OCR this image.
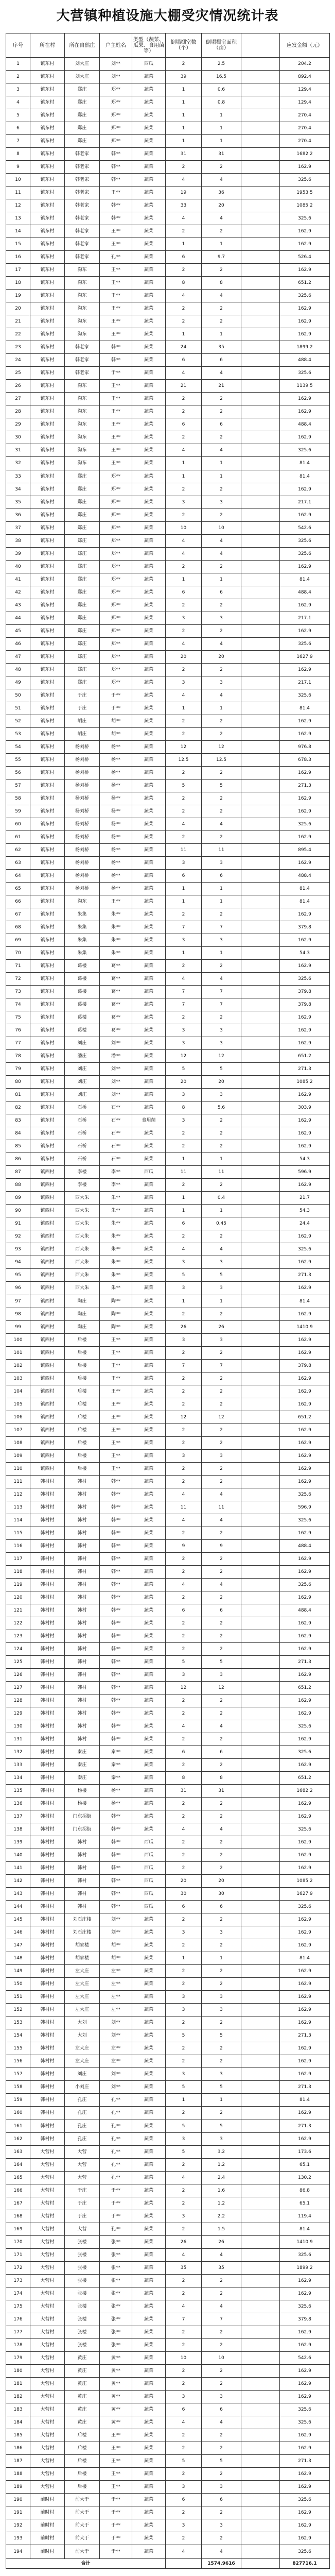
大营镇种植设施大棚受灾情况统计表
序号	所在村	所在自然庄	户主姓名	类型（蔬菜、瓜果、食用菌等）	倒塌棚室数（个）	倒塌棚室面积（亩）		应发金额（元）
1	镇东村	刘大庄	刘**	西瓜	2	2.5		204.2
2	镇东村	刘大庄	刘**	蔬菜	39	16.5		892.4
3	镇东村	郑庄	郑**	蔬菜	1	0.6		129.4
4	镇东村	郑庄	郑**	蔬菜	1	0.8		129.4
5	镇东村	郑庄	郑**	蔬菜	1	1		270.4
6	镇东村	郑庄	郑**	蔬菜	1	1		270.4
7	镇东村	郑庄	郑**	蔬菜	1	1		270.4
8	镇东村	韩老家	韩**	蔬菜	31	31		1682.2
9	镇东村	韩老家	韩**	蔬菜	2	2		162.9
10	镇东村	韩老家	韩**	蔬菜	4	4		325.6
11	镇东村	韩老家	王**	蔬菜	19	36		1953.5
12	镇东村	韩老家	韩**	蔬菜	33	20		1085.2
13	镇东村	韩老家	韩**	蔬菜	4	4		325.6
14	镇东村	韩老家	王**	蔬菜	2	2		162.9
15	镇东村	韩老家	王**	蔬菜	1	1		162.9
16	镇东村	韩老家	孔**	蔬菜	6	9.7		526.4
17	镇东村	沟东	王**	蔬菜	2	2		162.9
18	镇东村	沟东	王**	蔬菜	8	8		651.2
19	镇东村	沟东	王**	蔬菜	4	4		325.6
20	镇东村	沟东	王**	蔬菜	2	2		162.9
21	镇东村	沟东	王**	蔬菜	2	2		162.9
22	镇东村	沟东	王**	蔬菜	1	1		162.9
23	镇东村	韩老家	韩**	蔬菜	24	35		1899.2
24	镇东村	韩老家	韩**	蔬菜	6	6		488.4
25	镇东村	韩老家	于**	蔬菜	4	4		325.6
26	镇东村	沟东	王**	蔬菜	21	21		1139.5
27	镇东村	沟东	王**	蔬菜	2	2		162.9
28	镇东村	沟东	王**	蔬菜	2	2		162.9
29	镇东村	沟东	王**	蔬菜	6	6		488.4
30	镇东村	沟东	王**	蔬菜	2	2		162.9
31	镇东村	沟东	王**	蔬菜	4	4		325.6
32	镇东村	沟东	王**	蔬菜	1	1		81.4
33	镇东村	郑庄	郑**	蔬菜	1	1		81.4
34	镇东村	郑庄	郑**	蔬菜	2	2		162.9
35	镇东村	郑庄	郑**	蔬菜	3	3		217.1
36	镇东村	郑庄	郑**	蔬菜	2	2		162.9
37	镇东村	郑庄	郑**	蔬菜	10	10		542.6
38	镇东村	郑庄	郑**	蔬菜	4	4		325.6
39	镇东村	郑庄	郑**	蔬菜	4	4		325.6
40	镇东村	郑庄	郑**	蔬菜	2	2		162.9
41	镇东村	郑庄	郑**	蔬菜	1	1		81.4
42	镇东村	郑庄	郑**	蔬菜	6	6		488.4
43	镇东村	郑庄	郑**	蔬菜	2	2		162.9
44	镇东村	郑庄	郑**	蔬菜	3	3		217.1
45	镇东村	郑庄	郑**	蔬菜	2	2		162.9
46	镇东村	郑庄	郑**	蔬菜	4	4		325.6
47	镇东村	郑庄	郑**	蔬菜	20	20		1627.9
48	镇东村	郑庄	郑**	蔬菜	2	2		162.9
49	镇东村	郑庄	郑**	蔬菜	3	3		217.1
50	镇东村	于庄	于**	蔬菜	4	4		325.6
51	镇东村	于庄	于**	蔬菜	1	1		81.4
52	镇东村	胡庄	胡**	蔬菜	2	2		162.9
53	镇东村	胡庄	胡**	蔬菜	2	2		162.9
54	镇东村	杨刘桥	杨**	蔬菜	12	12		976.8
55	镇东村	杨刘桥	杨**	蔬菜	12.5	12.5		678.3
56	镇东村	杨刘桥	杨**	蔬菜	2	2		162.9
57	镇东村	杨刘桥	杨**	蔬菜	5	5		271.3
58	镇东村	杨刘桥	杨**	蔬菜	2	2		162.9
59	镇东村	杨刘桥	杨**	蔬菜	2	2		162.9
60	镇东村	杨刘桥	杨**	蔬菜	4	4		325.6
61	镇东村	杨刘桥	杨**	蔬菜	2	2		162.9
62	镇东村	杨刘桥	杨**	蔬菜	11	11		895.4
63	镇东村	杨刘桥	杨**	蔬菜	3	3		162.9
64	镇东村	杨刘桥	杨**	蔬菜	6	6		488.4
65	镇东村	杨刘桥	杨**	蔬菜	1	1		81.4
66	镇东村	沟东	王**	蔬菜	1	1		81.4
67	镇东村	朱集	朱**	蔬菜	2	2		162.9
68	镇东村	朱集	朱**	蔬菜	7	7		379.8
69	镇东村	朱集	朱**	蔬菜	3	3		162.9
70	镇东村	朱集	朱**	蔬菜	1	1		54.3
71	镇东村	葛楼	葛**	蔬菜	2	2		162.9
72	镇东村	葛楼	葛**	蔬菜	4	4		325.6
73	镇东村	葛楼	葛**	蔬菜	7	7		379.8
74	镇东村	葛楼	葛**	蔬菜	7	7		379.8
75	镇东村	葛楼	葛**	蔬菜	2	2		162.9
76	镇东村	葛楼	葛**	蔬菜	3	3		162.9
77	镇东村	刘庄	刘**	蔬菜	3	3		162.9
78	镇东村	潘庄	潘**	蔬菜	12	12		651.2
79	镇东村	刘庄	刘**	蔬菜	5	5		271.3
80	镇东村	刘庄	刘**	蔬菜	20	20		1085.2
81	镇东村	刘庄	刘**	蔬菜	3	3		162.9
82	镇东村	石桥	石**	蔬菜	8	5.6		303.9
83	镇东村	石桥	石**	食用菌	3	2		162.9
84	镇东村	石桥	石**	蔬菜	2	2		162.9
85	镇东村	石桥	石**	蔬菜	2	2		162.9
86	镇东村	石桥	石**	蔬菜	1	1		54.3
87	镇西村	李楼	李**	西瓜	11	11		596.9
88	镇西村	李楼	李**	蔬菜	2	2		162.9
89	镇西村	西大朱	朱**	蔬菜	1	0.4		21.7
90	镇西村	西大朱	朱**	蔬菜	1	1		54.3
91	镇西村	西大朱	朱**	蔬菜	6	0.45		24.4
92	镇西村	西大朱	朱**	蔬菜	2	2		162.9
93	镇西村	西大朱	朱**	蔬菜	4	4		325.6
94	镇西村	西大朱	朱**	蔬菜	3	3		162.9
95	镇西村	西大朱	朱**	蔬菜	5	5		271.3
96	镇西村	西大朱	朱**	蔬菜	3	3		162.9
97	镇西村	陶庄	陶**	蔬菜	1	1		81.4
98	镇西村	陶庄	陶**	蔬菜	2	2		162.9
99	镇西村	陶庄	陶**	蔬菜	26	26		1410.9
100	镇西村	后楼	王**	蔬菜	3	3		162.9
101	镇西村	后楼	王**	蔬菜	2	2		162.9
102	镇西村	后楼	王**	蔬菜	7	7		379.8
103	镇西村	后楼	王**	蔬菜	2	2		162.9
104	镇西村	后楼	王**	蔬菜	2	2		162.9
105	镇西村	后楼	王**	蔬菜	2	2		162.9
106	镇西村	后楼	王**	蔬菜	12	12		651.2
107	镇西村	后楼	王**	蔬菜	2	2		162.9
108	镇西村	后楼	王**	蔬菜	2	2		162.9
109	镇西村	后楼	王**	蔬菜	3	3		162.9
110	镇西村	后楼	王**	蔬菜	2	2		162.9
111	韩村村	韩村	韩**	蔬菜	2	2		162.9
112	韩村村	韩村	韩**	蔬菜	4	4		325.6
113	韩村村	韩村	韩**	蔬菜	11	11		596.9
114	韩村村	韩村	韩**	蔬菜	4	4		325.6
115	韩村村	韩村	韩**	蔬菜	2	2		162.9
116	韩村村	韩村	韩**	蔬菜	9	9		488.4
117	韩村村	韩村	韩**	蔬菜	2	2		162.9
118	韩村村	韩村	韩**	蔬菜	2	2		162.9
119	韩村村	韩村	韩**	蔬菜	4	4		325.6
120	韩村村	韩村	韩**	蔬菜	2	2		162.9
121	韩村村	韩村	韩**	蔬菜	6	6		488.4
122	韩村村	韩村	韩**	蔬菜	2	2		162.9
123	韩村村	韩村	韩**	蔬菜	2	2		162.9
124	韩村村	韩村	韩**	蔬菜	2	2		162.9
125	韩村村	韩村	韩**	蔬菜	5	5		271.3
126	韩村村	韩村	韩**	蔬菜	3	3		162.9
127	韩村村	韩村	韩**	蔬菜	12	12		651.2
128	韩村村	韩村	韩**	蔬菜	2	2		162.9
129	韩村村	韩村	韩**	蔬菜	2	2		162.9
130	韩村村	韩村	韩**	蔬菜	4	4		325.6
131	韩村村	韩村	韩**	蔬菜	2	2		162.9
132	韩村村	秦庄	秦**	蔬菜	6	6		325.6
133	韩村村	秦庄	秦**	蔬菜	2	2		162.9
134	韩村村	秦庄	秦**	蔬菜	8	8		651.2
135	韩村村	杨楼	杨**	蔬菜	31	31		1682.2
136	韩村村	杨楼	杨**	蔬菜	2	2		162.9
137	韩村村	门东拐街	韩**	蔬菜	2	2		162.9
138	韩村村	门东拐街	韩**	蔬菜	4	4		325.6
139	韩村村	韩村	韩**	西瓜	2	2		162.9
140	韩村村	韩村	韩**	西瓜	2	2		162.9
141	韩村村	韩村	韩**	西瓜	2	2		162.9
142	韩村村	韩村	韩**	西瓜	20	20		1085.2
143	韩村村	韩村	韩**	西瓜	30	30		1627.9
144	韩村村	韩村	韩**	西瓜	6	6		325.6
145	韩村村	刘石庄楼	刘**	蔬菜	2	2		162.9
146	韩村村	刘石庄楼	刘**	蔬菜	3	3		162.9
147	韩村村	胡家楼	胡**	蔬菜	2	2		162.9
148	韩村村	胡家楼	胡**	蔬菜	1	1		81.4
149	韩村村	左大庄	左**	蔬菜	2	2		162.9
150	韩村村	左大庄	左**	蔬菜	2	2		162.9
151	韩村村	左大庄	左**	蔬菜	3	3		162.9
152	韩村村	左大庄	左**	蔬菜	3	3		162.9
153	韩村村	大刘	刘**	蔬菜	2	2		162.9
154	韩村村	大刘	刘**	蔬菜	5	5		271.3
155	韩村村	左大庄	左**	蔬菜	2	2		162.9
156	韩村村	左大庄	左**	蔬菜	2	2		162.9
157	韩村村	刘庄	刘**	蔬菜	3	3		162.9
158	韩村村	小刘庄	刘**	蔬菜	5	5		271.3
159	韩村村	孔庄	孔**	蔬菜	1	1		81.4
160	韩村村	孔庄	孔**	蔬菜	2	2		162.9
161	韩村村	孔庄	孔**	蔬菜	5	5		271.3
162	韩村村	孔庄	孔**	蔬菜	3	3		162.9
163	大营村	大营	孔**	蔬菜	5	3.2		173.6
164	大营村	大营	孔**	蔬菜	2	1.2		65.1
165	大营村	大营	孔**	蔬菜	4	2.4		130.2
166	大营村	于庄	于**	蔬菜	2	1.6		86.8
167	大营村	于庄	于**	蔬菜	2	1.2		65.1
168	大营村	于庄	于**	蔬菜	3	2.2		119.4
169	大营村	大营	孔**	蔬菜	2	1.5		81.4
170	大营村	张楼	张**	蔬菜	26	26		1410.9
171	大营村	张楼	张**	蔬菜	4	4		325.6
172	大营村	张楼	张**	蔬菜	35	35		1899.2
173	大营村	张楼	张**	蔬菜	2	2		162.9
174	大营村	张楼	张**	蔬菜	2	2		162.9
175	大营村	张楼	张**	蔬菜	4	4		325.6
176	大营村	张楼	张**	蔬菜	7	7		379.8
177	大营村	张楼	张**	蔬菜	2	2		162.9
178	大营村	张楼	张**	蔬菜	2	2		162.9
179	大营村	黄庄	黄**	蔬菜	10	10		542.6
180	大营村	黄庄	黄**	蔬菜	2	2		162.9
181	大营村	黄庄	黄**	蔬菜	2	2		162.9
182	大营村	黄庄	黄**	蔬菜	3	3		162.9
183	大营村	黄庄	黄**	蔬菜	6	6		325.6
184	大营村	黄庄	黄**	蔬菜	4	4		325.6
185	大营村	后楼	王**	蔬菜	2	2		162.9
186	大营村	后楼	王**	蔬菜	2	2		162.9
187	大营村	后楼	王**	蔬菜	5	5		271.3
188	大营村	后楼	王**	蔬菜	2	2		162.9
189	大营村	后楼	王**	蔬菜	3	3		162.9
190	前时村	前大于	于**	蔬菜	6	6		325.6
191	前时村	前大于	于**	蔬菜	2	2		162.9
192	前时村	前大于	于**	蔬菜	3	3		162.9
193	前时村	前大于	于**	蔬菜	2	2		162.9
194	前时村	前大于	于**	蔬菜	4	4		325.6
合计						1574.9616		827716.1
